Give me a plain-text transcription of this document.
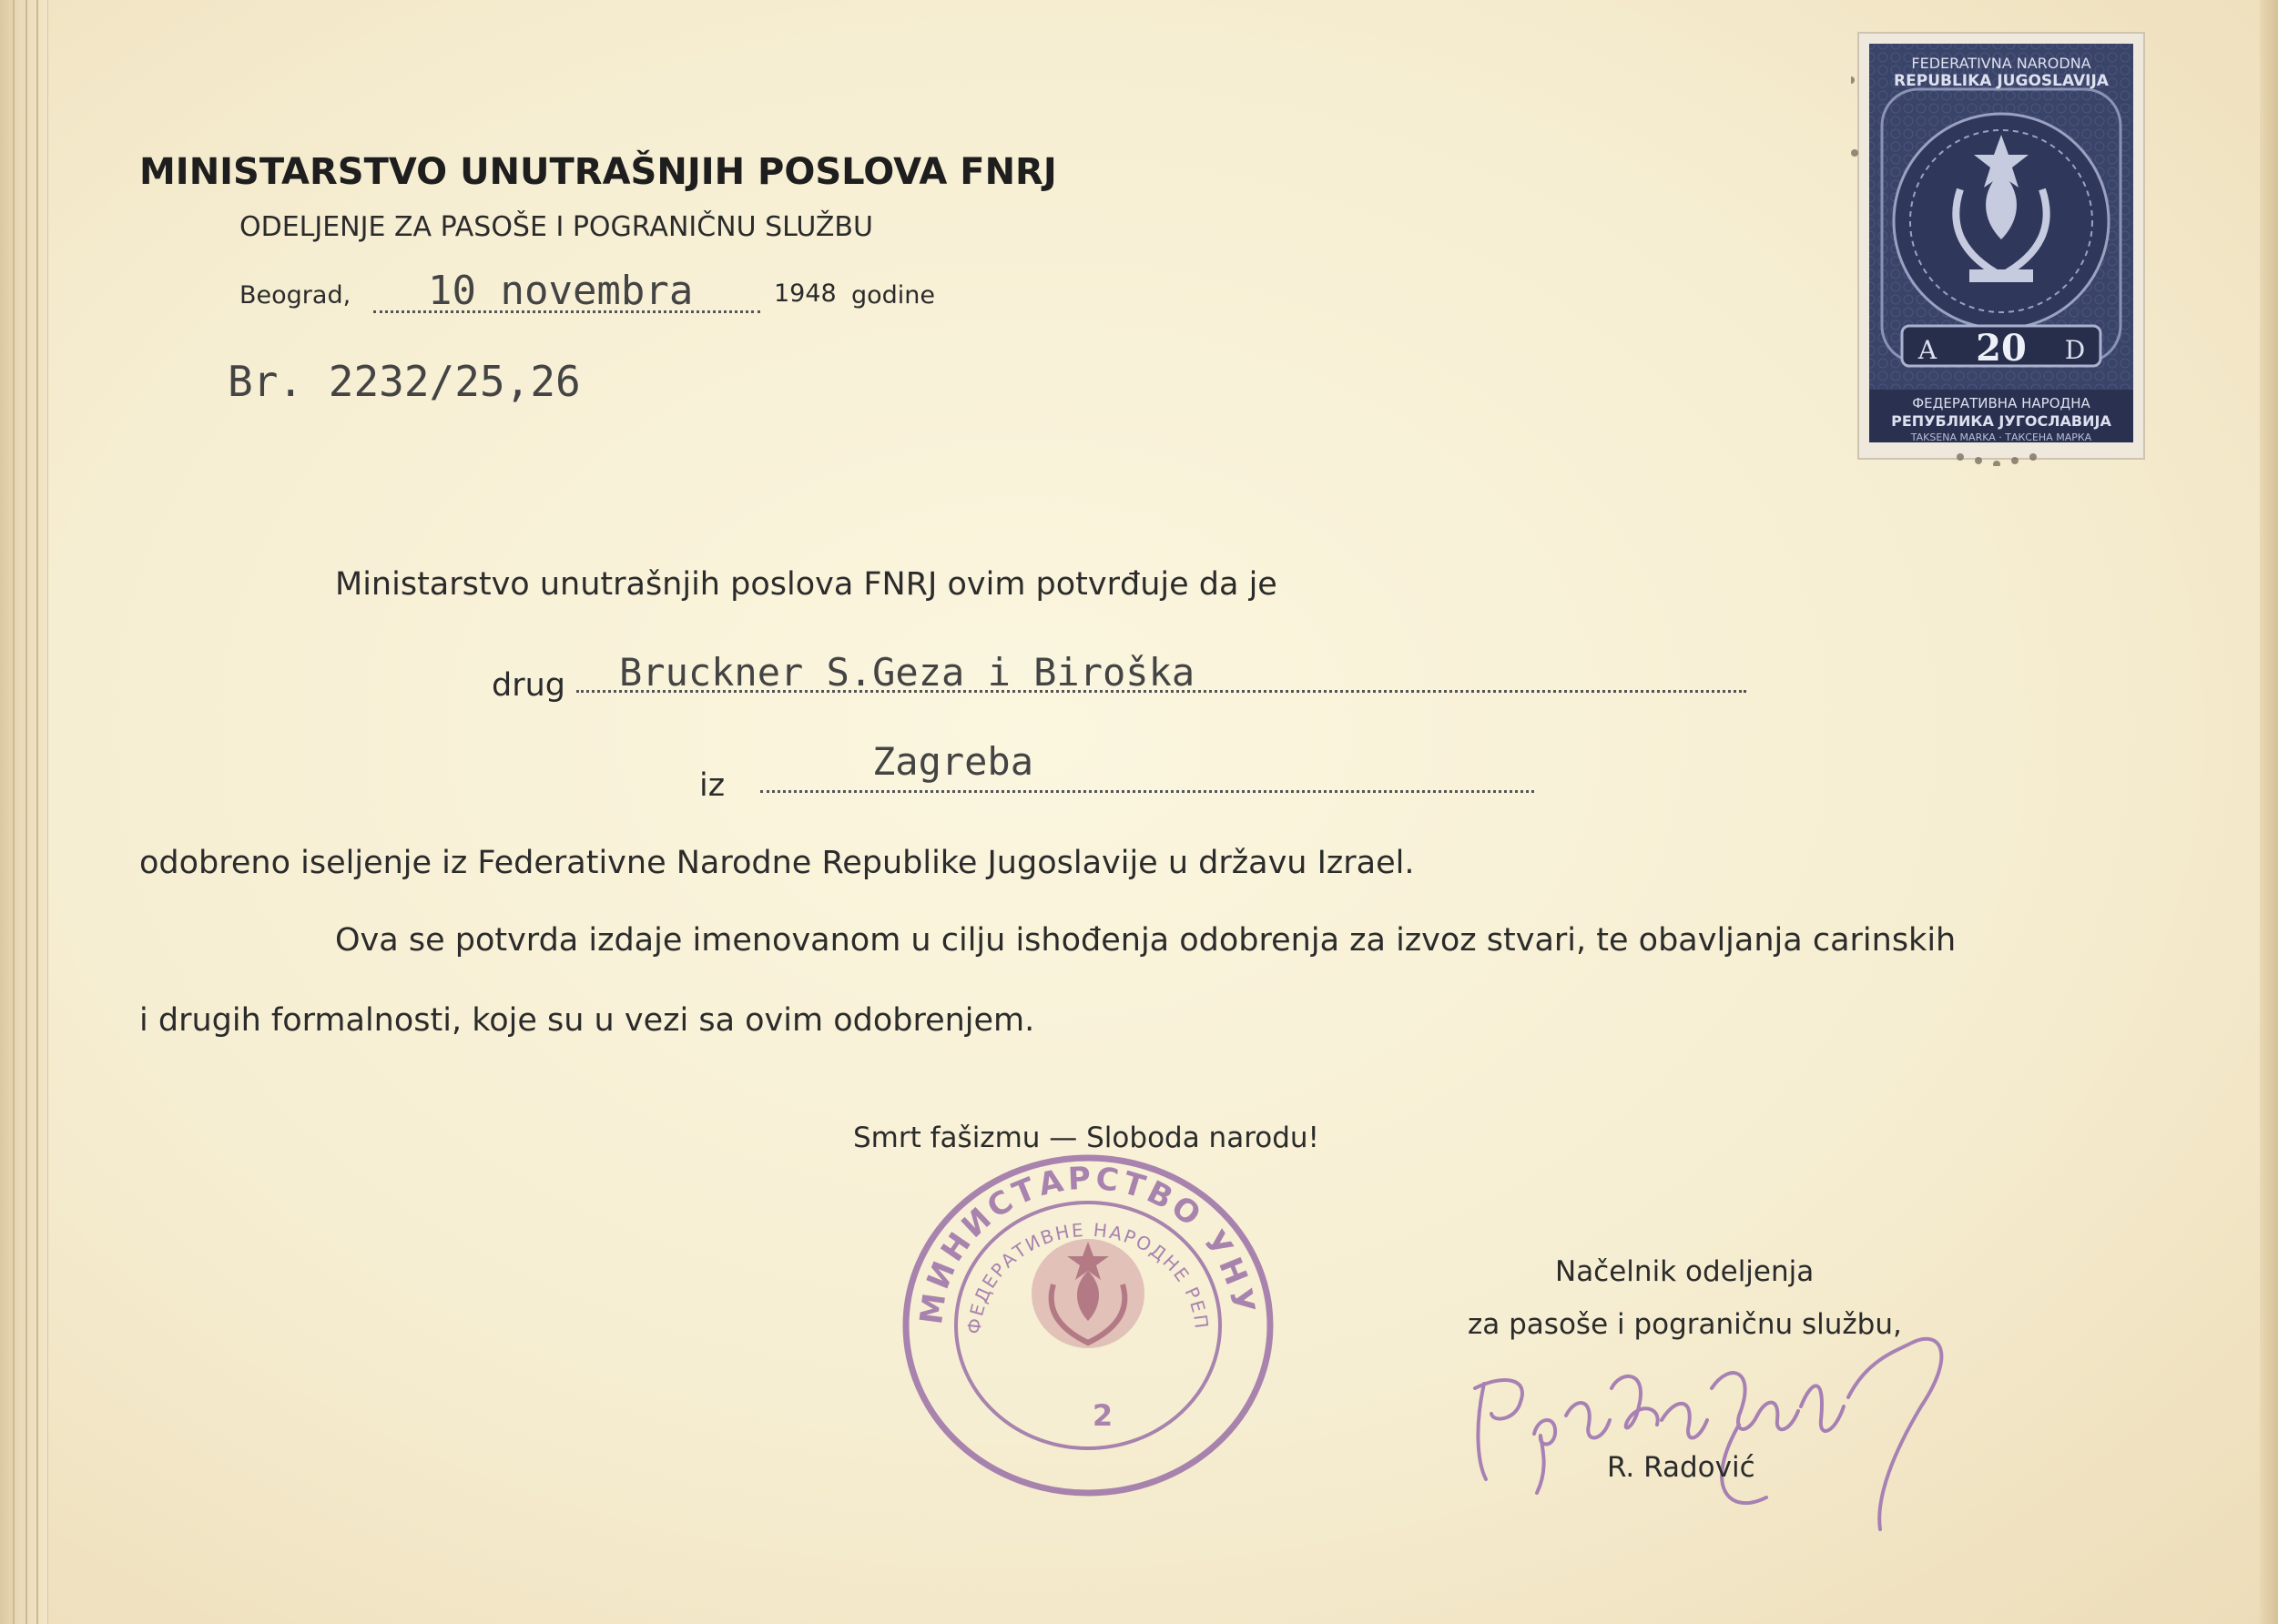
MINISTARSTVO UNUTRAŠNJIH POSLOVA FNRJ
ODELJENJE ZA PASOŠE I POGRANIČNU SLUŽBU
Beograd, 10 novembra	1948 godine
Br. 2232/25,26
FEDERATIVNA NARODNA
REPUBLIKA JUGOSLAVIJA
A 20 D
ФЕДЕРАТИВНА НАРОДНА
РЕПУБЛИКА ЈУГОСЛАВИЈА
TAKSENA MARKA · ТАКСЕНА МАРКА
Ministarstvo unutrašnjih poslova FNRJ ovim potvrđuje da je
drug Bruckner S.Geza i Biroška
iz
Zagreba
odobreno iseljenje iz Federativne Narodne Republike Jugoslavije u državu Izrael.
Ova se potvrda izdaje imenovanom u cilju ishođenja odobrenja za izvoz stvari, te obavljanja carinskih
i drugih formalnosti, koje su u vezi sa ovim odobrenjem.
Smrt fašizmu — Sloboda narodu!
МИНИСТАРСТВО УНУ
ФЕДЕРАТИВНЕ НАРОДНЕ РЕП
2
Načelnik odeljenja
za pasoše i pograničnu službu,
R. Radović
